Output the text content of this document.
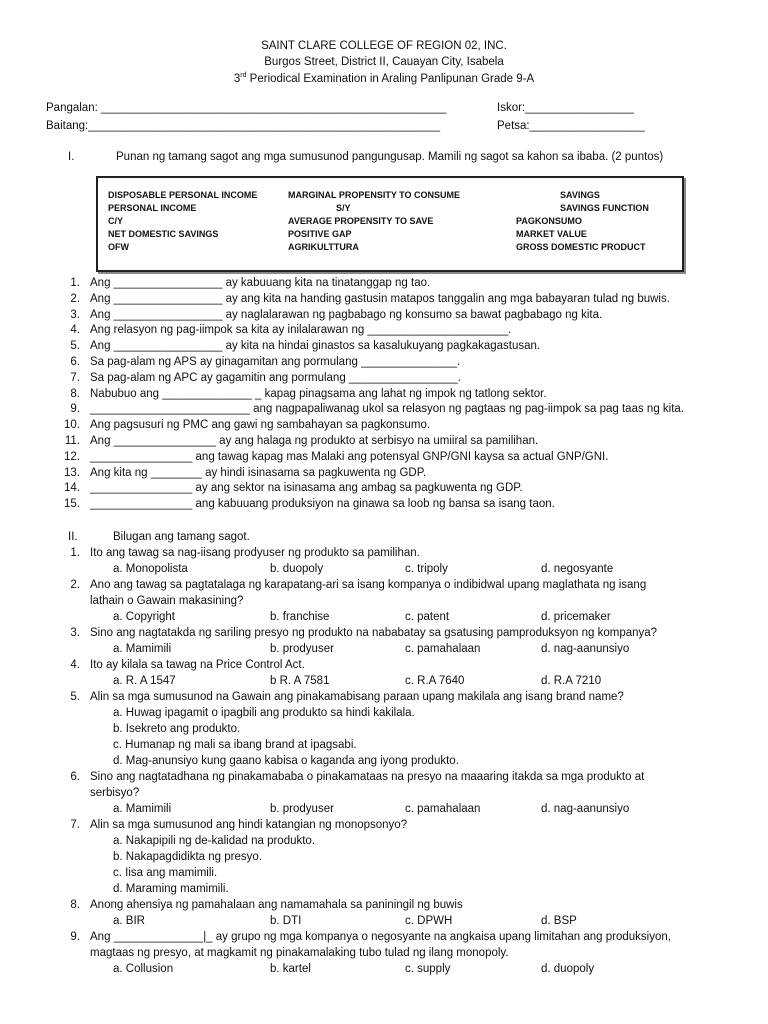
SAINT CLARE COLLEGE OF REGION 02, INC.
Burgos Street, District II, Cauayan City, Isabela
3rd Periodical Examination in Araling Panlipunan Grade 9-A
Pangalan: ______________________________________________________
Baitang:_______________________________________________________
Iskor:_________________
Petsa:__________________
I.	Punan ng tamang sagot ang mga sumusunod pangungusap. Mamili ng sagot sa kahon sa ibaba. (2 puntos)
DISPOSABLE PERSONAL INCOME	MARGINAL PROPENSITY TO CONSUME	SAVINGS
PERSONAL INCOME	S/Y	SAVINGS FUNCTION
C/Y	AVERAGE PROPENSITY TO SAVE	PAGKONSUMO
NET DOMESTIC SAVINGS	POSITIVE GAP	MARKET VALUE
OFW	AGRIKULTTURA	GROSS DOMESTIC PRODUCT
1. Ang _________________ ay kabuuang kita na tinatanggap ng tao.
2. Ang _________________ ay ang kita na handing gastusin matapos tanggalin ang mga babayaran tulad ng buwis.
3. Ang _________________ ay naglalarawan ng pagbabago ng konsumo sa bawat pagbabago ng kita.
4. Ang relasyon ng pag-iimpok sa kita ay inilalarawan ng ______________________.
5. Ang _________________ ay kita na hindai ginastos sa kasalukuyang pagkakagastusan.
6. Sa pag-alam ng APS ay ginagamitan ang pormulang _______________.
7. Sa pag-alam ng APC ay gagamitin ang pormulang _________________.
8. Nabubuo ang ______________ _ kapag pinagsama ang lahat ng impok ng tatlong sektor.
9. _________________________ ang nagpapaliwanag ukol sa relasyon ng pagtaas ng pag-iimpok sa pag taas ng kita.
10. Ang pagsusuri ng PMC ang gawi ng sambahayan sa pagkonsumo.
11. Ang ________________ ay ang halaga ng produkto at serbisyo na umiiral sa pamilihan.
12. ________________ ang tawag kapag mas Malaki ang potensyal GNP/GNI kaysa sa actual GNP/GNI.
13. Ang kita ng ________ ay hindi isinasama sa pagkuwenta ng GDP.
14. ________________ ay ang sektor na isinasama ang ambag sa pagkuwenta ng GDP.
15. ________________ ang kabuuang produksiyon na ginawa sa loob ng bansa sa isang taon.
II.	Bilugan ang tamang sagot.
1. Ito ang tawag sa nag-iisang prodyuser ng produkto sa pamilihan.
a. Monopolista	b. duopoly	c. tripoly	d. negosyante
2. Ano ang tawag sa pagtatalaga ng karapatang-ari sa isang kompanya o indibidwal upang maglathata ng isang
lathain o Gawain makasining?
a. Copyright	b. franchise	c. patent	d. pricemaker
3. Sino ang nagtatakda ng sariling presyo ng produkto na nababatay sa gsatusing pamproduksyon ng kompanya?
a. Mamimili	b. prodyuser	c. pamahalaan	d. nag-aanunsiyo
4. Ito ay kilala sa tawag na Price Control Act.
a. R. A 1547	b R. A 7581	c. R.A 7640	d. R.A 7210
5. Alin sa mga sumusunod na Gawain ang pinakamabisang paraan upang makilala ang isang brand name?
a. Huwag ipagamit o ipagbili ang produkto sa hindi kakilala.
b. Isekreto ang produkto.
c. Humanap ng mali sa ibang brand at ipagsabi.
d. Mag-anunsiyo kung gaano kabisa o kaganda ang iyong produkto.
6. Sino ang nagtatadhana ng pinakamababa o pinakamataas na presyo na maaaring itakda sa mga produkto at
serbisyo?
a. Mamimili	b. prodyuser	c. pamahalaan	d. nag-aanunsiyo
7. Alin sa mga sumusunod ang hindi katangian ng monopsonyo?
a. Nakapipili ng de-kalidad na produkto.
b. Nakapagdidikta ng presyo.
c. Iisa ang mamimili.
d. Maraming mamimili.
8. Anong ahensiya ng pamahalaan ang namamahala sa paniningil ng buwis
a. BIR	b. DTI	c. DPWH	d. BSP
9. Ang ______________|_ ay grupo ng mga kompanya o negosyante na angkaisa upang limitahan ang produksiyon,
magtaas ng presyo, at magkamit ng pinakamalaking tubo tulad ng ilang monopoly.
a. Collusion	b. kartel	c. supply	d. duopoly
